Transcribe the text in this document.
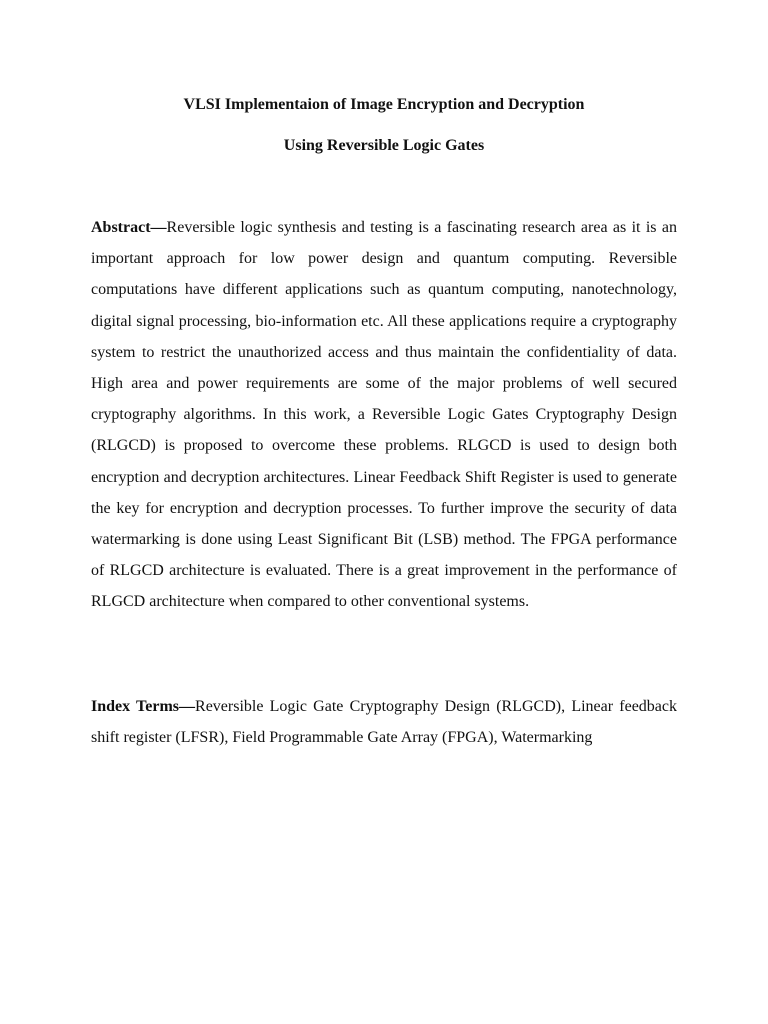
VLSI Implementaion of Image Encryption and Decryption
Using Reversible Logic Gates

Abstract—Reversible logic synthesis and testing is a fascinating research area as it is an important approach for low power design and quantum computing. Reversible computations have different applications such as quantum computing, nanotechnology, digital signal processing, bio-information etc. All these applications require a cryptography system to restrict the unauthorized access and thus maintain the confidentiality of data. High area and power requirements are some of the major problems of well secured cryptography algorithms. In this work, a Reversible Logic Gates Cryptography Design (RLGCD) is proposed to overcome these problems. RLGCD is used to design both encryption and decryption architectures. Linear Feedback Shift Register is used to generate the key for encryption and decryption processes. To further improve the security of data watermarking is done using Least Significant Bit (LSB) method. The FPGA performance of RLGCD architecture is evaluated. There is a great improvement in the performance of RLGCD architecture when compared to other conventional systems.

Index Terms—Reversible Logic Gate Cryptography Design (RLGCD), Linear feedback shift register (LFSR), Field Programmable Gate Array (FPGA), Watermarking
